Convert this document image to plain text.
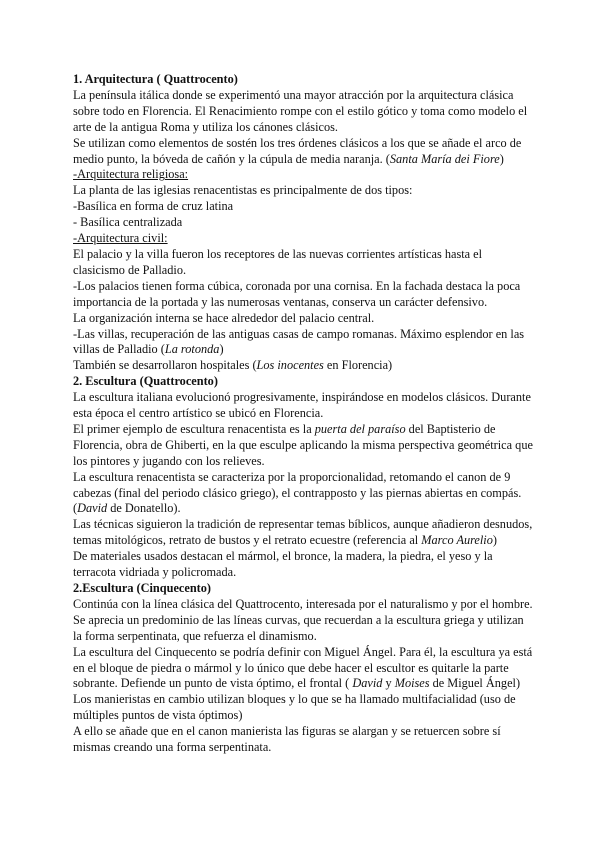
1. Arquitectura ( Quattrocento)

La península itálica donde se experimentó una mayor atracción por la arquitectura clásica sobre todo en Florencia. El Renacimiento rompe con el estilo gótico y toma como modelo el arte de la antigua Roma y utiliza los cánones clásicos.

Se utilizan como elementos de sostén los tres órdenes clásicos a los que se añade el arco de medio punto, la bóveda de cañón y la cúpula de media naranja. (Santa María dei Fiore)

-Arquitectura religiosa:

La planta de las iglesias renacentistas es principalmente de dos tipos:

-Basílica en forma de cruz latina

- Basílica centralizada

-Arquitectura civil:

El palacio y la villa fueron los receptores de las nuevas corrientes artísticas hasta el clasicismo de Palladio.

-Los palacios tienen forma cúbica, coronada por una cornisa. En la fachada destaca la poca importancia de la portada y las numerosas ventanas, conserva un carácter defensivo.

La organización interna se hace alrededor del palacio central.

-Las villas, recuperación de las antiguas casas de campo romanas. Máximo esplendor en las villas de Palladio (La rotonda)

También se desarrollaron hospitales (Los inocentes en Florencia)

2. Escultura (Quattrocento)

La escultura italiana evolucionó progresivamente, inspirándose en modelos clásicos. Durante esta época el centro artístico se ubicó en Florencia.

El primer ejemplo de escultura renacentista es la puerta del paraíso del Baptisterio de Florencia, obra de Ghiberti, en la que esculpe aplicando la misma perspectiva geométrica que los pintores y jugando con los relieves.

La escultura renacentista se caracteriza por la proporcionalidad, retomando el canon de 9 cabezas (final del periodo clásico griego), el contrapposto y las piernas abiertas en compás. (David de Donatello).

Las técnicas siguieron la tradición de representar temas bíblicos, aunque añadieron desnudos, temas mitológicos, retrato de bustos y el retrato ecuestre (referencia al Marco Aurelio)

De materiales usados destacan el mármol, el bronce, la madera, la piedra, el yeso y la terracota vidriada y policromada.

2.Escultura (Cinquecento)

Continúa con la línea clásica del Quattrocento, interesada por el naturalismo y por el hombre. Se aprecia un predominio de las líneas curvas, que recuerdan a la escultura griega y utilizan la forma serpentinata, que refuerza el dinamismo.

La escultura del Cinquecento se podría definir con Miguel Ángel. Para él, la escultura ya está en el bloque de piedra o mármol y lo único que debe hacer el escultor es quitarle la parte sobrante. Defiende un punto de vista óptimo, el frontal ( David y Moises de Miguel Ángel)

Los manieristas en cambio utilizan bloques y lo que se ha llamado multifacialidad (uso de múltiples puntos de vista óptimos)

A ello se añade que en el canon manierista las figuras se alargan y se retuercen sobre sí mismas creando una forma serpentinata.
